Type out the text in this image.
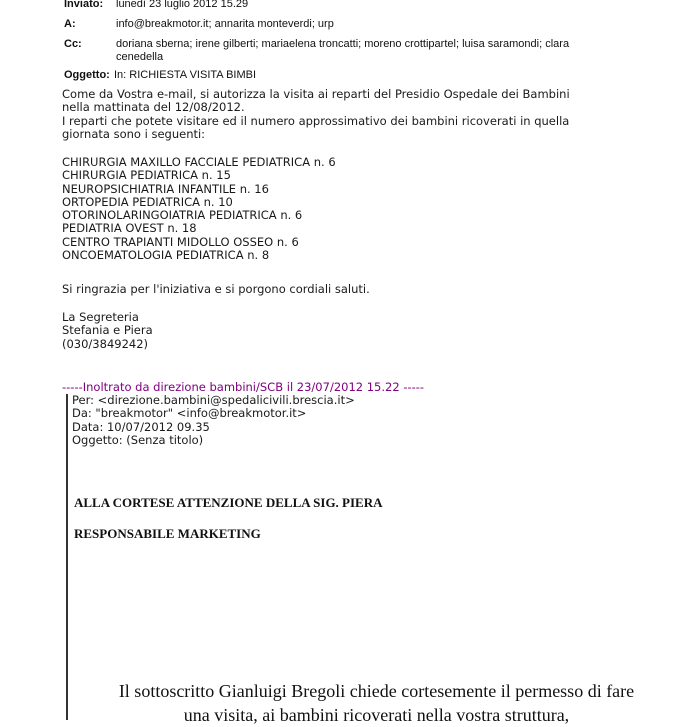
Inviato: lunedì 23 luglio 2012 15.29
A:	info@breakmotor.it; annarita monteverdi; urp
Cc:	doriana sberna; irene gilberti; mariaelena troncatti; moreno crottipartel; luisa saramondi; clara cenedella
Oggetto: In: RICHIESTA VISITA BIMBI
Come da Vostra e-mail, si autorizza la visita ai reparti del Presidio Ospedale dei Bambini
nella mattinata del 12/08/2012.
I reparti che potete visitare ed il numero approssimativo dei bambini ricoverati in quella
giornata sono i seguenti:
CHIRURGIA MAXILLO FACCIALE PEDIATRICA n. 6
CHIRURGIA PEDIATRICA n. 15
NEUROPSICHIATRIA INFANTILE n. 16
ORTOPEDIA PEDIATRICA n. 10
OTORINOLARINGOIATRIA PEDIATRICA n. 6
PEDIATRIA OVEST n. 18
CENTRO TRAPIANTI MIDOLLO OSSEO n. 6
ONCOEMATOLOGIA PEDIATRICA n. 8
Si ringrazia per l'iniziativa e si porgono cordiali saluti.
La Segreteria
Stefania e Piera
(030/3849242)
-----Inoltrato da direzione bambini/SCB il 23/07/2012 15.22 -----
Per: <direzione.bambini@spedalicivili.brescia.it>
Da: "breakmotor" <info@breakmotor.it>
Data: 10/07/2012 09.35
Oggetto: (Senza titolo)
ALLA CORTESE ATTENZIONE DELLA SIG. PIERA
RESPONSABILE MARKETING
Il sottoscritto Gianluigi Bregoli chiede cortesemente il permesso di fare
una visita, ai bambini ricoverati nella vostra struttura,
